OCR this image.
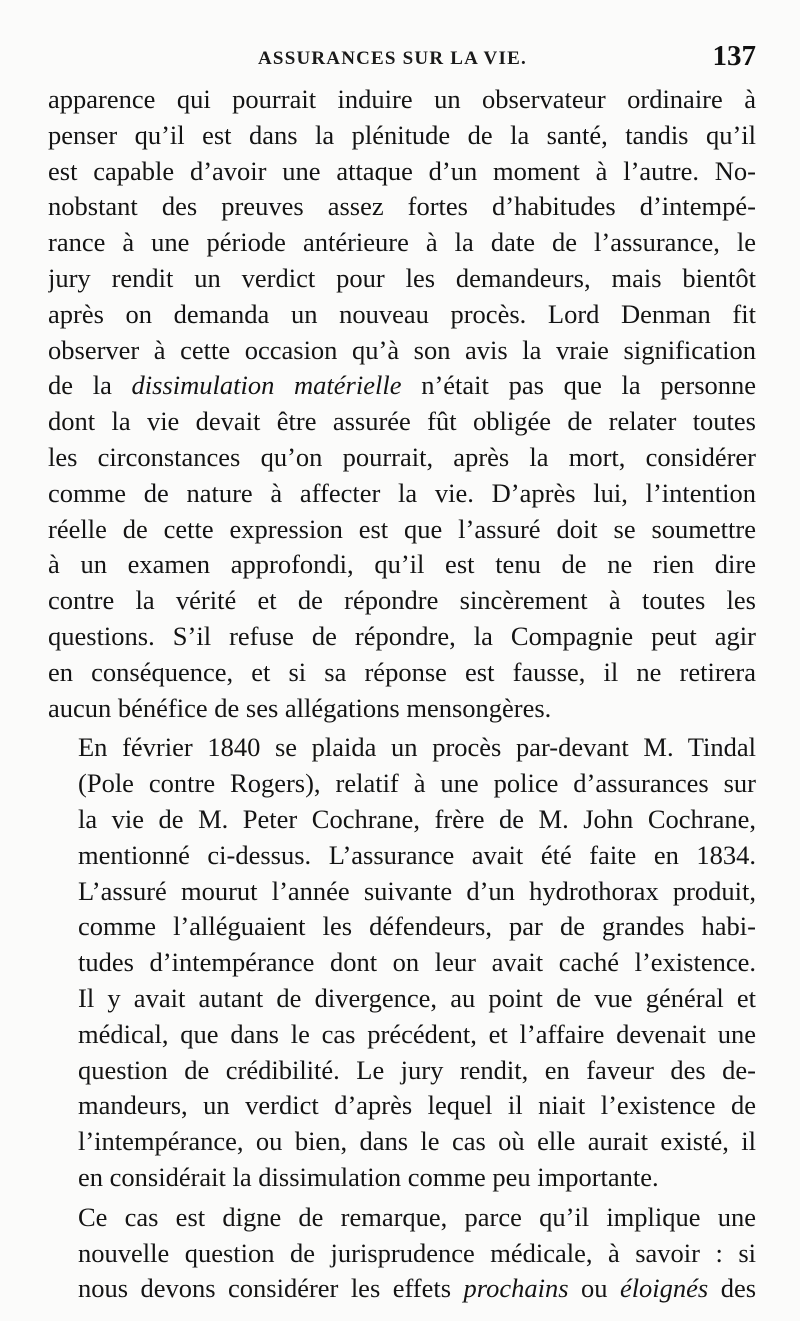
ASSURANCES SUR LA VIE.	137

apparence qui pourrait induire un observateur ordinaire à
penser qu’il est dans la plénitude de la santé, tandis qu’il
est capable d’avoir une attaque d’un moment à l’autre. No-
nobstant des preuves assez fortes d’habitudes d’intempé-
rance à une période antérieure à la date de l’assurance, le
jury rendit un verdict pour les demandeurs, mais bientôt
après on demanda un nouveau procès. Lord Denman fit
observer à cette occasion qu’à son avis la vraie signification
de la dissimulation matérielle n’était pas que la personne
dont la vie devait être assurée fût obligée de relater toutes
les circonstances qu’on pourrait, après la mort, considérer
comme de nature à affecter la vie. D’après lui, l’intention
réelle de cette expression est que l’assuré doit se soumettre
à un examen approfondi, qu’il est tenu de ne rien dire
contre la vérité et de répondre sincèrement à toutes les
questions. S’il refuse de répondre, la Compagnie peut agir
en conséquence, et si sa réponse est fausse, il ne retirera
aucun bénéfice de ses allégations mensongères.

En février 1840 se plaida un procès par-devant M. Tindal
(Pole contre Rogers), relatif à une police d’assurances sur
la vie de M. Peter Cochrane, frère de M. John Cochrane,
mentionné ci-dessus. L’assurance avait été faite en 1834.
L’assuré mourut l’année suivante d’un hydrothorax produit,
comme l’alléguaient les défendeurs, par de grandes habi-
tudes d’intempérance dont on leur avait caché l’existence.
Il y avait autant de divergence, au point de vue général et
médical, que dans le cas précédent, et l’affaire devenait une
question de crédibilité. Le jury rendit, en faveur des de-
mandeurs, un verdict d’après lequel il niait l’existence de
l’intempérance, ou bien, dans le cas où elle aurait existé, il
en considérait la dissimulation comme peu importante.

Ce cas est digne de remarque, parce qu’il implique une
nouvelle question de jurisprudence médicale, à savoir : si
nous devons considérer les effets prochains ou éloignés des
